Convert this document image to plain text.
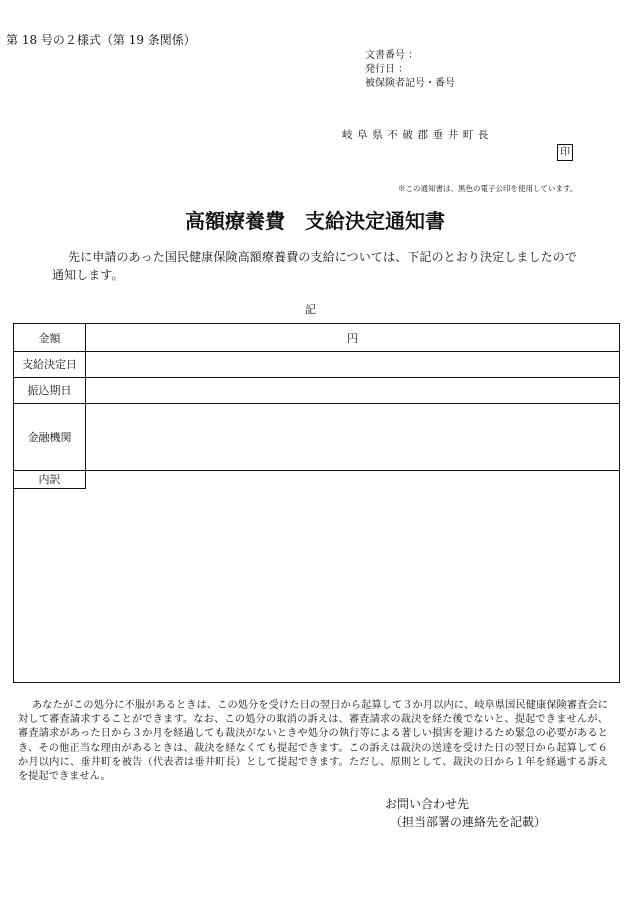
第 18 号の２様式（第 19 条関係）
文書番号 ：
発行日 ：
被保険者記号・番号
岐阜県不破郡垂井町長
印
※この通知書は、黒色の電子公印を使用しています。
高額療養費　支給決定通知書
先に申請のあった国民健康保険高額療養費の支給については、下記のとおり決定しましたので通知します。
記
金額	円
支給決定日
振込期日
金融機関
内訳
あなたがこの処分に不服があるときは、この処分を受けた日の翌日から起算して３か月以内に、岐阜県国民健康保険審査会に対して審査請求することができます。なお、この処分の取消の訴えは、審査請求の裁決を経た後でないと、提起できませんが、審査請求があった日から３か月を経過しても裁決がないときや処分の執行等による著しい損害を避けるため緊急の必要があるとき、その他正当な理由があるときは、裁決を経なくても提起できます。この訴えは裁決の送達を受けた日の翌日から起算して６か月以内に、垂井町を被告（代表者は垂井町長）として提起できます。ただし、原則として、裁決の日から１年を経過する訴えを提起できません。
お問い合わせ先
（担当部署の連絡先を記載）
